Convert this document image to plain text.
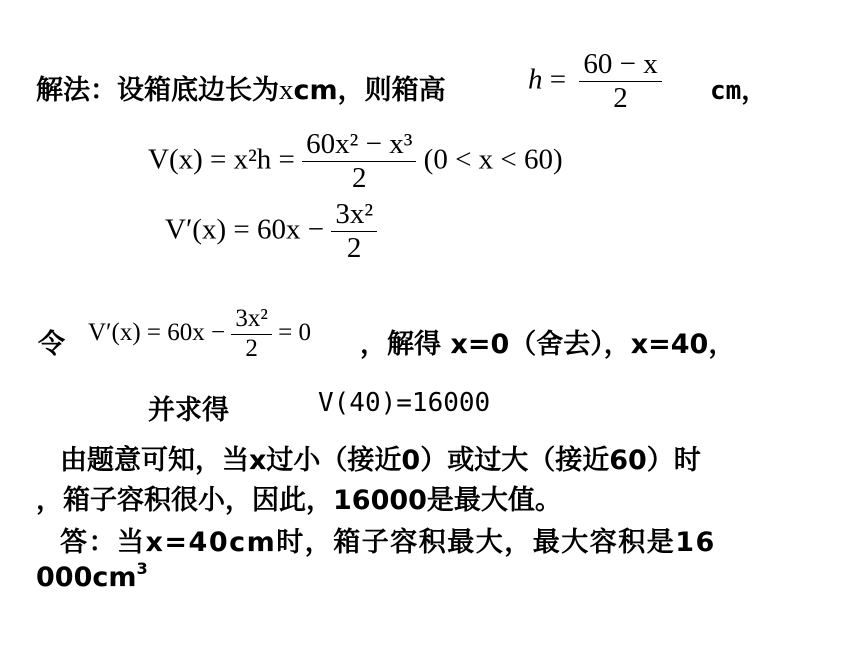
解法：设箱底边长为xcm，则箱高	$h = \frac{60 - x}{2}$ cm，
$V(x) = x^2h = \frac{\text{60x² − x³}}{2} (0 < x < 60)$
$V'(x) = 60x - \frac{\text{3x²}}{2}$
令 $V'(x) = 60x - \frac{\text{3x²}}{2} = 0$ ，解得 x=0（舍去），x=40，
并求得	V(40)=16000
由题意可知，当x过小（接近0）或过大（接近60）时
，箱子容积很小，因此，16000是最大值。
答：当x=40cm时，箱子容积最大，最大容积是16
$000cm^3$
